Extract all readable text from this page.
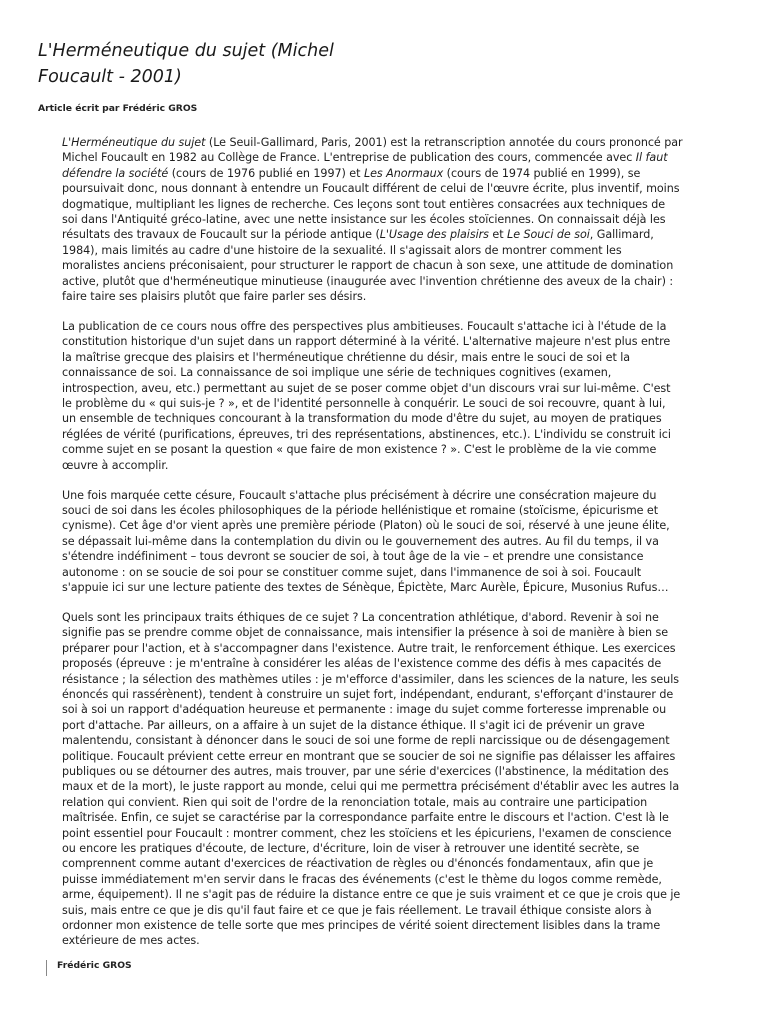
L'Herméneutique du sujet (Michel
Foucault - 2001)

Article écrit par Frédéric GROS

L'Herméneutique du sujet (Le Seuil-Gallimard, Paris, 2001) est la retranscription annotée du cours prononcé par
Michel Foucault en 1982 au Collège de France. L'entreprise de publication des cours, commencée avec Il faut
défendre la société (cours de 1976 publié en 1997) et Les Anormaux (cours de 1974 publié en 1999), se
poursuivait donc, nous donnant à entendre un Foucault différent de celui de l'œuvre écrite, plus inventif, moins
dogmatique, multipliant les lignes de recherche. Ces leçons sont tout entières consacrées aux techniques de
soi dans l'Antiquité gréco-latine, avec une nette insistance sur les écoles stoïciennes. On connaissait déjà les
résultats des travaux de Foucault sur la période antique (L'Usage des plaisirs et Le Souci de soi, Gallimard,
1984), mais limités au cadre d'une histoire de la sexualité. Il s'agissait alors de montrer comment les
moralistes anciens préconisaient, pour structurer le rapport de chacun à son sexe, une attitude de domination
active, plutôt que d'herméneutique minutieuse (inaugurée avec l'invention chrétienne des aveux de la chair) :
faire taire ses plaisirs plutôt que faire parler ses désirs.

La publication de ce cours nous offre des perspectives plus ambitieuses. Foucault s'attache ici à l'étude de la
constitution historique d'un sujet dans un rapport déterminé à la vérité. L'alternative majeure n'est plus entre
la maîtrise grecque des plaisirs et l'herméneutique chrétienne du désir, mais entre le souci de soi et la
connaissance de soi. La connaissance de soi implique une série de techniques cognitives (examen,
introspection, aveu, etc.) permettant au sujet de se poser comme objet d'un discours vrai sur lui-même. C'est
le problème du « qui suis-je ? », et de l'identité personnelle à conquérir. Le souci de soi recouvre, quant à lui,
un ensemble de techniques concourant à la transformation du mode d'être du sujet, au moyen de pratiques
réglées de vérité (purifications, épreuves, tri des représentations, abstinences, etc.). L'individu se construit ici
comme sujet en se posant la question « que faire de mon existence ? ». C'est le problème de la vie comme
œuvre à accomplir.

Une fois marquée cette césure, Foucault s'attache plus précisément à décrire une consécration majeure du
souci de soi dans les écoles philosophiques de la période hellénistique et romaine (stoïcisme, épicurisme et
cynisme). Cet âge d'or vient après une première période (Platon) où le souci de soi, réservé à une jeune élite,
se dépassait lui-même dans la contemplation du divin ou le gouvernement des autres. Au fil du temps, il va
s'étendre indéfiniment – tous devront se soucier de soi, à tout âge de la vie – et prendre une consistance
autonome : on se soucie de soi pour se constituer comme sujet, dans l'immanence de soi à soi. Foucault
s'appuie ici sur une lecture patiente des textes de Sénèque, Épictète, Marc Aurèle, Épicure, Musonius Rufus…

Quels sont les principaux traits éthiques de ce sujet ? La concentration athlétique, d'abord. Revenir à soi ne
signifie pas se prendre comme objet de connaissance, mais intensifier la présence à soi de manière à bien se
préparer pour l'action, et à s'accompagner dans l'existence. Autre trait, le renforcement éthique. Les exercices
proposés (épreuve : je m'entraîne à considérer les aléas de l'existence comme des défis à mes capacités de
résistance ; la sélection des mathèmes utiles : je m'efforce d'assimiler, dans les sciences de la nature, les seuls
énoncés qui rassérènent), tendent à construire un sujet fort, indépendant, endurant, s'efforçant d'instaurer de
soi à soi un rapport d'adéquation heureuse et permanente : image du sujet comme forteresse imprenable ou
port d'attache. Par ailleurs, on a affaire à un sujet de la distance éthique. Il s'agit ici de prévenir un grave
malentendu, consistant à dénoncer dans le souci de soi une forme de repli narcissique ou de désengagement
politique. Foucault prévient cette erreur en montrant que se soucier de soi ne signifie pas délaisser les affaires
publiques ou se détourner des autres, mais trouver, par une série d'exercices (l'abstinence, la méditation des
maux et de la mort), le juste rapport au monde, celui qui me permettra précisément d'établir avec les autres la
relation qui convient. Rien qui soit de l'ordre de la renonciation totale, mais au contraire une participation
maîtrisée. Enfin, ce sujet se caractérise par la correspondance parfaite entre le discours et l'action. C'est là le
point essentiel pour Foucault : montrer comment, chez les stoïciens et les épicuriens, l'examen de conscience
ou encore les pratiques d'écoute, de lecture, d'écriture, loin de viser à retrouver une identité secrète, se
comprennent comme autant d'exercices de réactivation de règles ou d'énoncés fondamentaux, afin que je
puisse immédiatement m'en servir dans le fracas des événements (c'est le thème du logos comme remède,
arme, équipement). Il ne s'agit pas de réduire la distance entre ce que je suis vraiment et ce que je crois que je
suis, mais entre ce que je dis qu'il faut faire et ce que je fais réellement. Le travail éthique consiste alors à
ordonner mon existence de telle sorte que mes principes de vérité soient directement lisibles dans la trame
extérieure de mes actes.

Frédéric GROS
